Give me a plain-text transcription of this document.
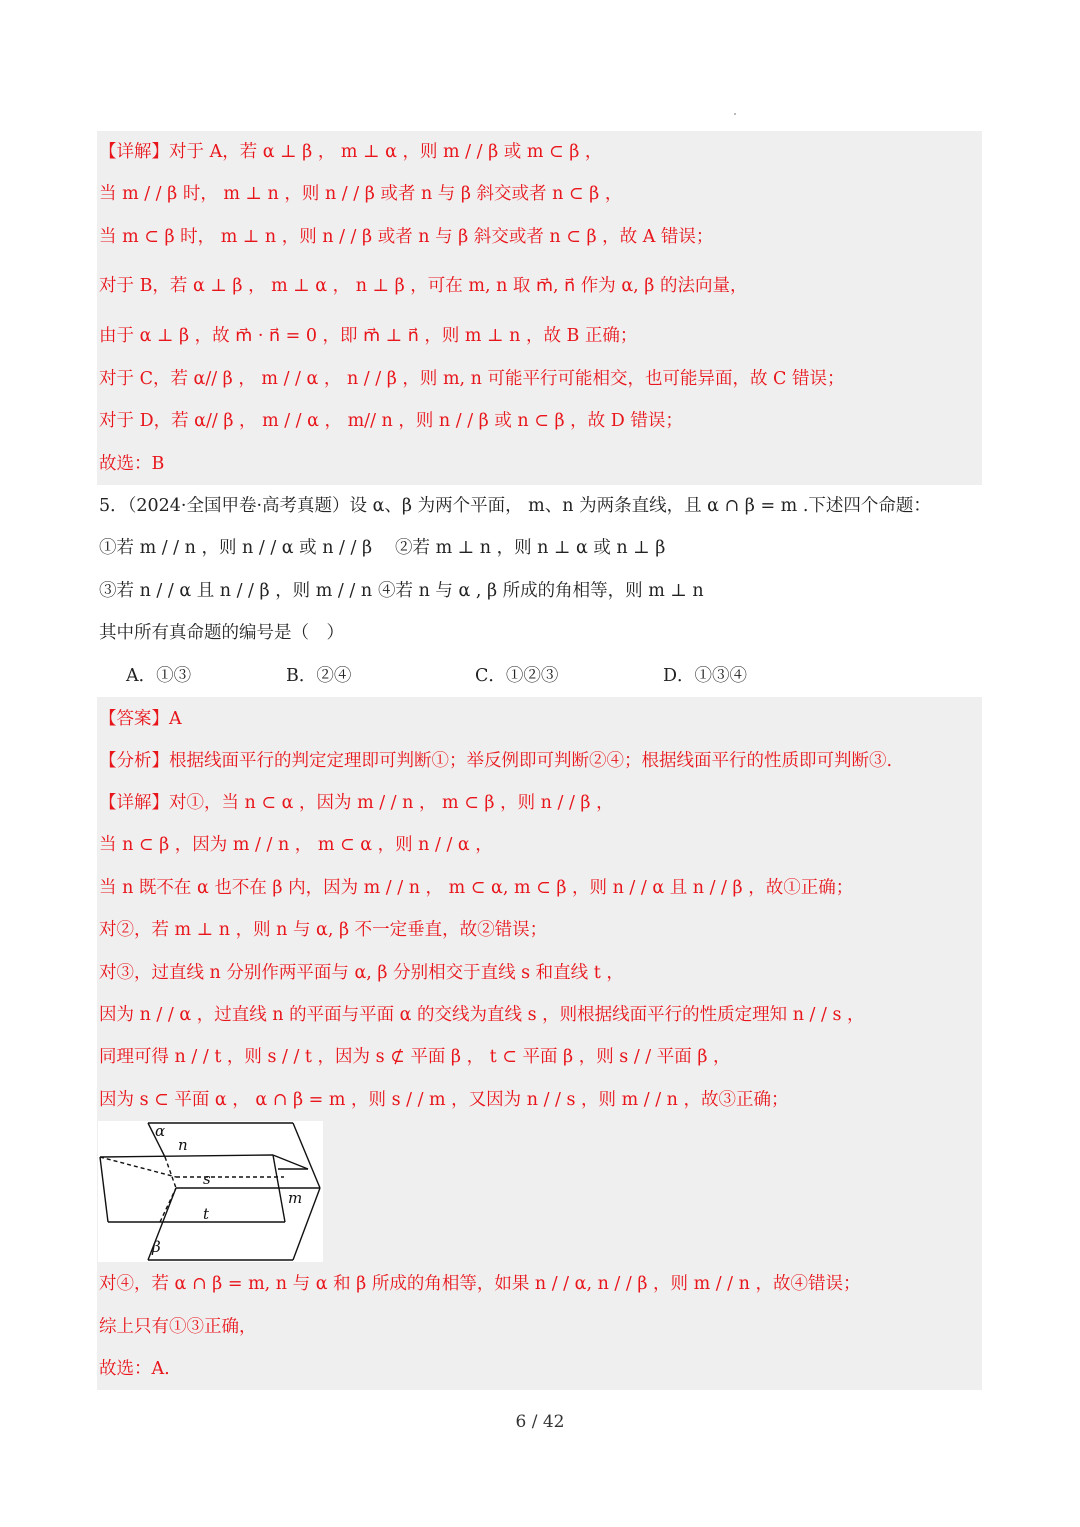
【详解】对于 A，若 α ⊥ β ， m ⊥ α ，则 m / / β 或 m ⊂ β ，
当 m / / β 时， m ⊥ n ，则 n / / β 或者 n 与 β 斜交或者 n ⊂ β ，
当 m ⊂ β 时， m ⊥ n ，则 n / / β 或者 n 与 β 斜交或者 n ⊂ β ，故 A 错误；
对于 B，若 α ⊥ β ， m ⊥ α ， n ⊥ β ，可在 m, n 取 m⃗, n⃗ 作为 α, β 的法向量，
由于 α ⊥ β ，故 m⃗ · n⃗ = 0 ，即 m⃗ ⊥ n⃗ ，则 m ⊥ n ，故 B 正确；
对于 C，若 α// β ， m / / α ， n / / β ，则 m, n 可能平行可能相交，也可能异面，故 C 错误；
对于 D，若 α// β ， m / / α ， m// n ，则 n / / β 或 n ⊂ β ，故 D 错误；
故选：B
5．（2024·全国甲卷·高考真题）设 α、β 为两个平面， m、n 为两条直线，且 α ∩ β = m .下述四个命题：
①若 m / / n ，则 n / / α 或 n / / β ②若 m ⊥ n ，则 n ⊥ α 或 n ⊥ β
③若 n / / α 且 n / / β ，则 m / / n ④若 n 与 α , β 所成的角相等，则 m ⊥ n
其中所有真命题的编号是（　）
A．①③	B．②④	C．①②③	D．①③④
【答案】A
【分析】根据线面平行的判定定理即可判断①；举反例即可判断②④；根据线面平行的性质即可判断③.
【详解】对①，当 n ⊂ α ，因为 m / / n ， m ⊂ β ，则 n / / β ，
当 n ⊂ β ，因为 m / / n ， m ⊂ α ，则 n / / α ，
当 n 既不在 α 也不在 β 内，因为 m / / n ， m ⊂ α, m ⊂ β ，则 n / / α 且 n / / β ，故①正确；
对②，若 m ⊥ n ，则 n 与 α, β 不一定垂直，故②错误；
对③，过直线 n 分别作两平面与 α, β 分别相交于直线 s 和直线 t ，
因为 n / / α ，过直线 n 的平面与平面 α 的交线为直线 s ，则根据线面平行的性质定理知 n / / s ，
同理可得 n / / t ，则 s / / t ，因为 s ⊄ 平面 β ， t ⊂ 平面 β ，则 s / / 平面 β ，
因为 s ⊂ 平面 α ， α ∩ β = m ，则 s / / m ，又因为 n / / s ，则 m / / n ，故③正确；
α
n
s
m
t
β
对④，若 α ∩ β = m, n 与 α 和 β 所成的角相等，如果 n / / α, n / / β ，则 m / / n ，故④错误；
综上只有①③正确，
故选：A.
6 / 42
